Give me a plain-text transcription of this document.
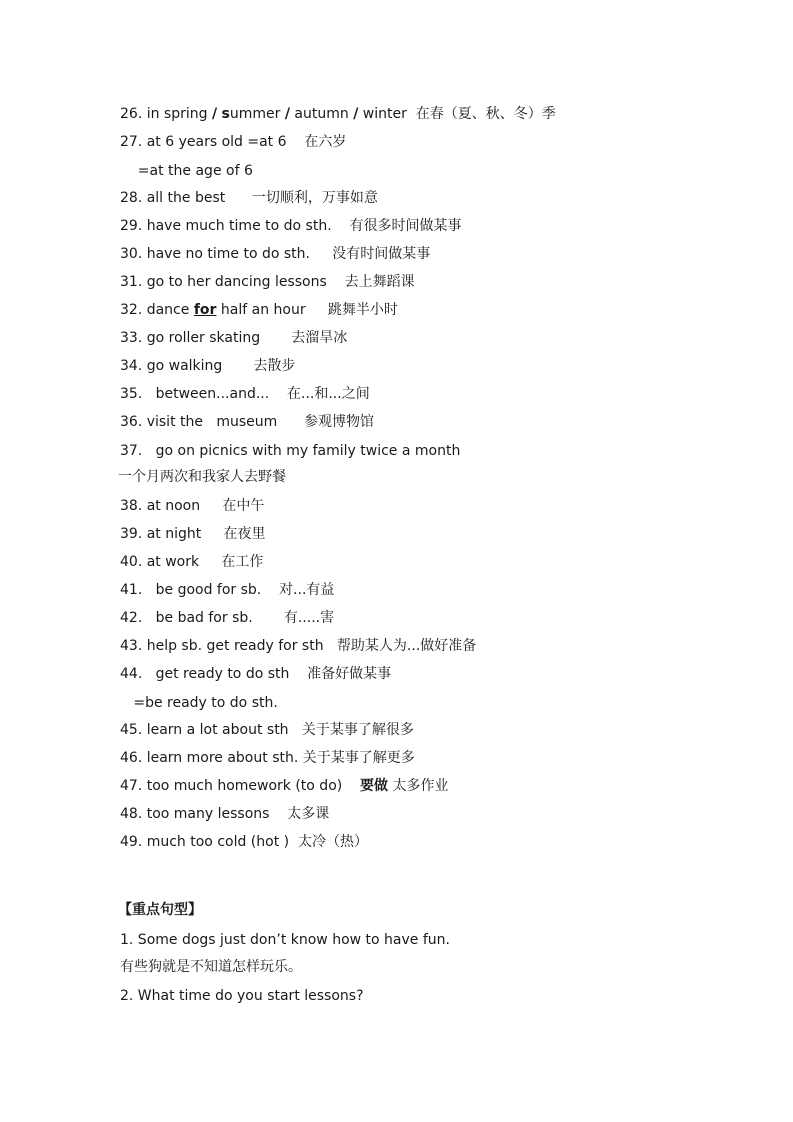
26. in spring / summer / autumn / winter  在春（夏、秋、冬）季
27. at 6 years old =at 6    在六岁
=at the age of 6
28. all the best      一切顺利，万事如意
29. have much time to do sth.    有很多时间做某事
30. have no time to do sth.     没有时间做某事
31. go to her dancing lessons    去上舞蹈课
32. dance for half an hour     跳舞半小时
33. go roller skating       去溜旱冰
34. go walking       去散步
35.   between...and...    在...和...之间
36. visit the   museum      参观博物馆
37.   go on picnics with my family twice a month
一个月两次和我家人去野餐
38. at noon     在中午
39. at night     在夜里
40. at work     在工作
41.   be good for sb.    对...有益
42.   be bad for sb.       有.....害
43. help sb. get ready for sth   帮助某人为...做好准备
44.   get ready to do sth    准备好做某事
=be ready to do sth.
45. learn a lot about sth   关于某事了解很多
46. learn more about sth. 关于某事了解更多
47. too much homework (to do)    要做 太多作业
48. too many lessons    太多课
49. much too cold (hot )  太冷（热）
【重点句型】
1. Some dogs just don’t know how to have fun.
有些狗就是不知道怎样玩乐。
2. What time do you start lessons?
